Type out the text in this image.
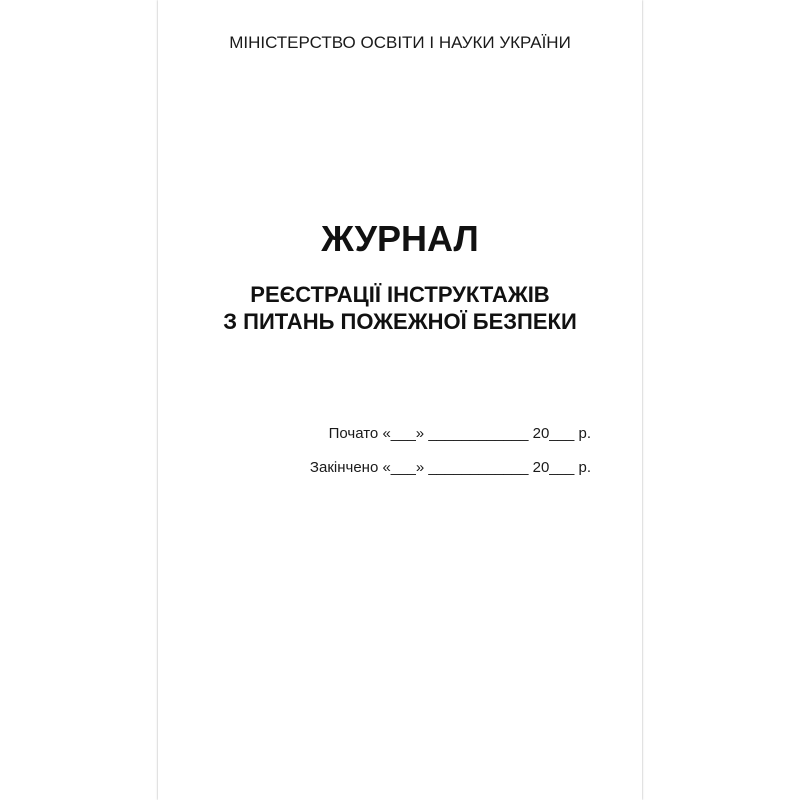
МІНІСТЕРСТВО ОСВІТИ І НАУКИ УКРАЇНИ

ЖУРНАЛ
РЕЄСТРАЦІЇ ІНСТРУКТАЖІВ
З ПИТАНЬ ПОЖЕЖНОЇ БЕЗПЕКИ
Почато «___» ____________ 20___ р.
Закінчено «___» ____________ 20___ р.
